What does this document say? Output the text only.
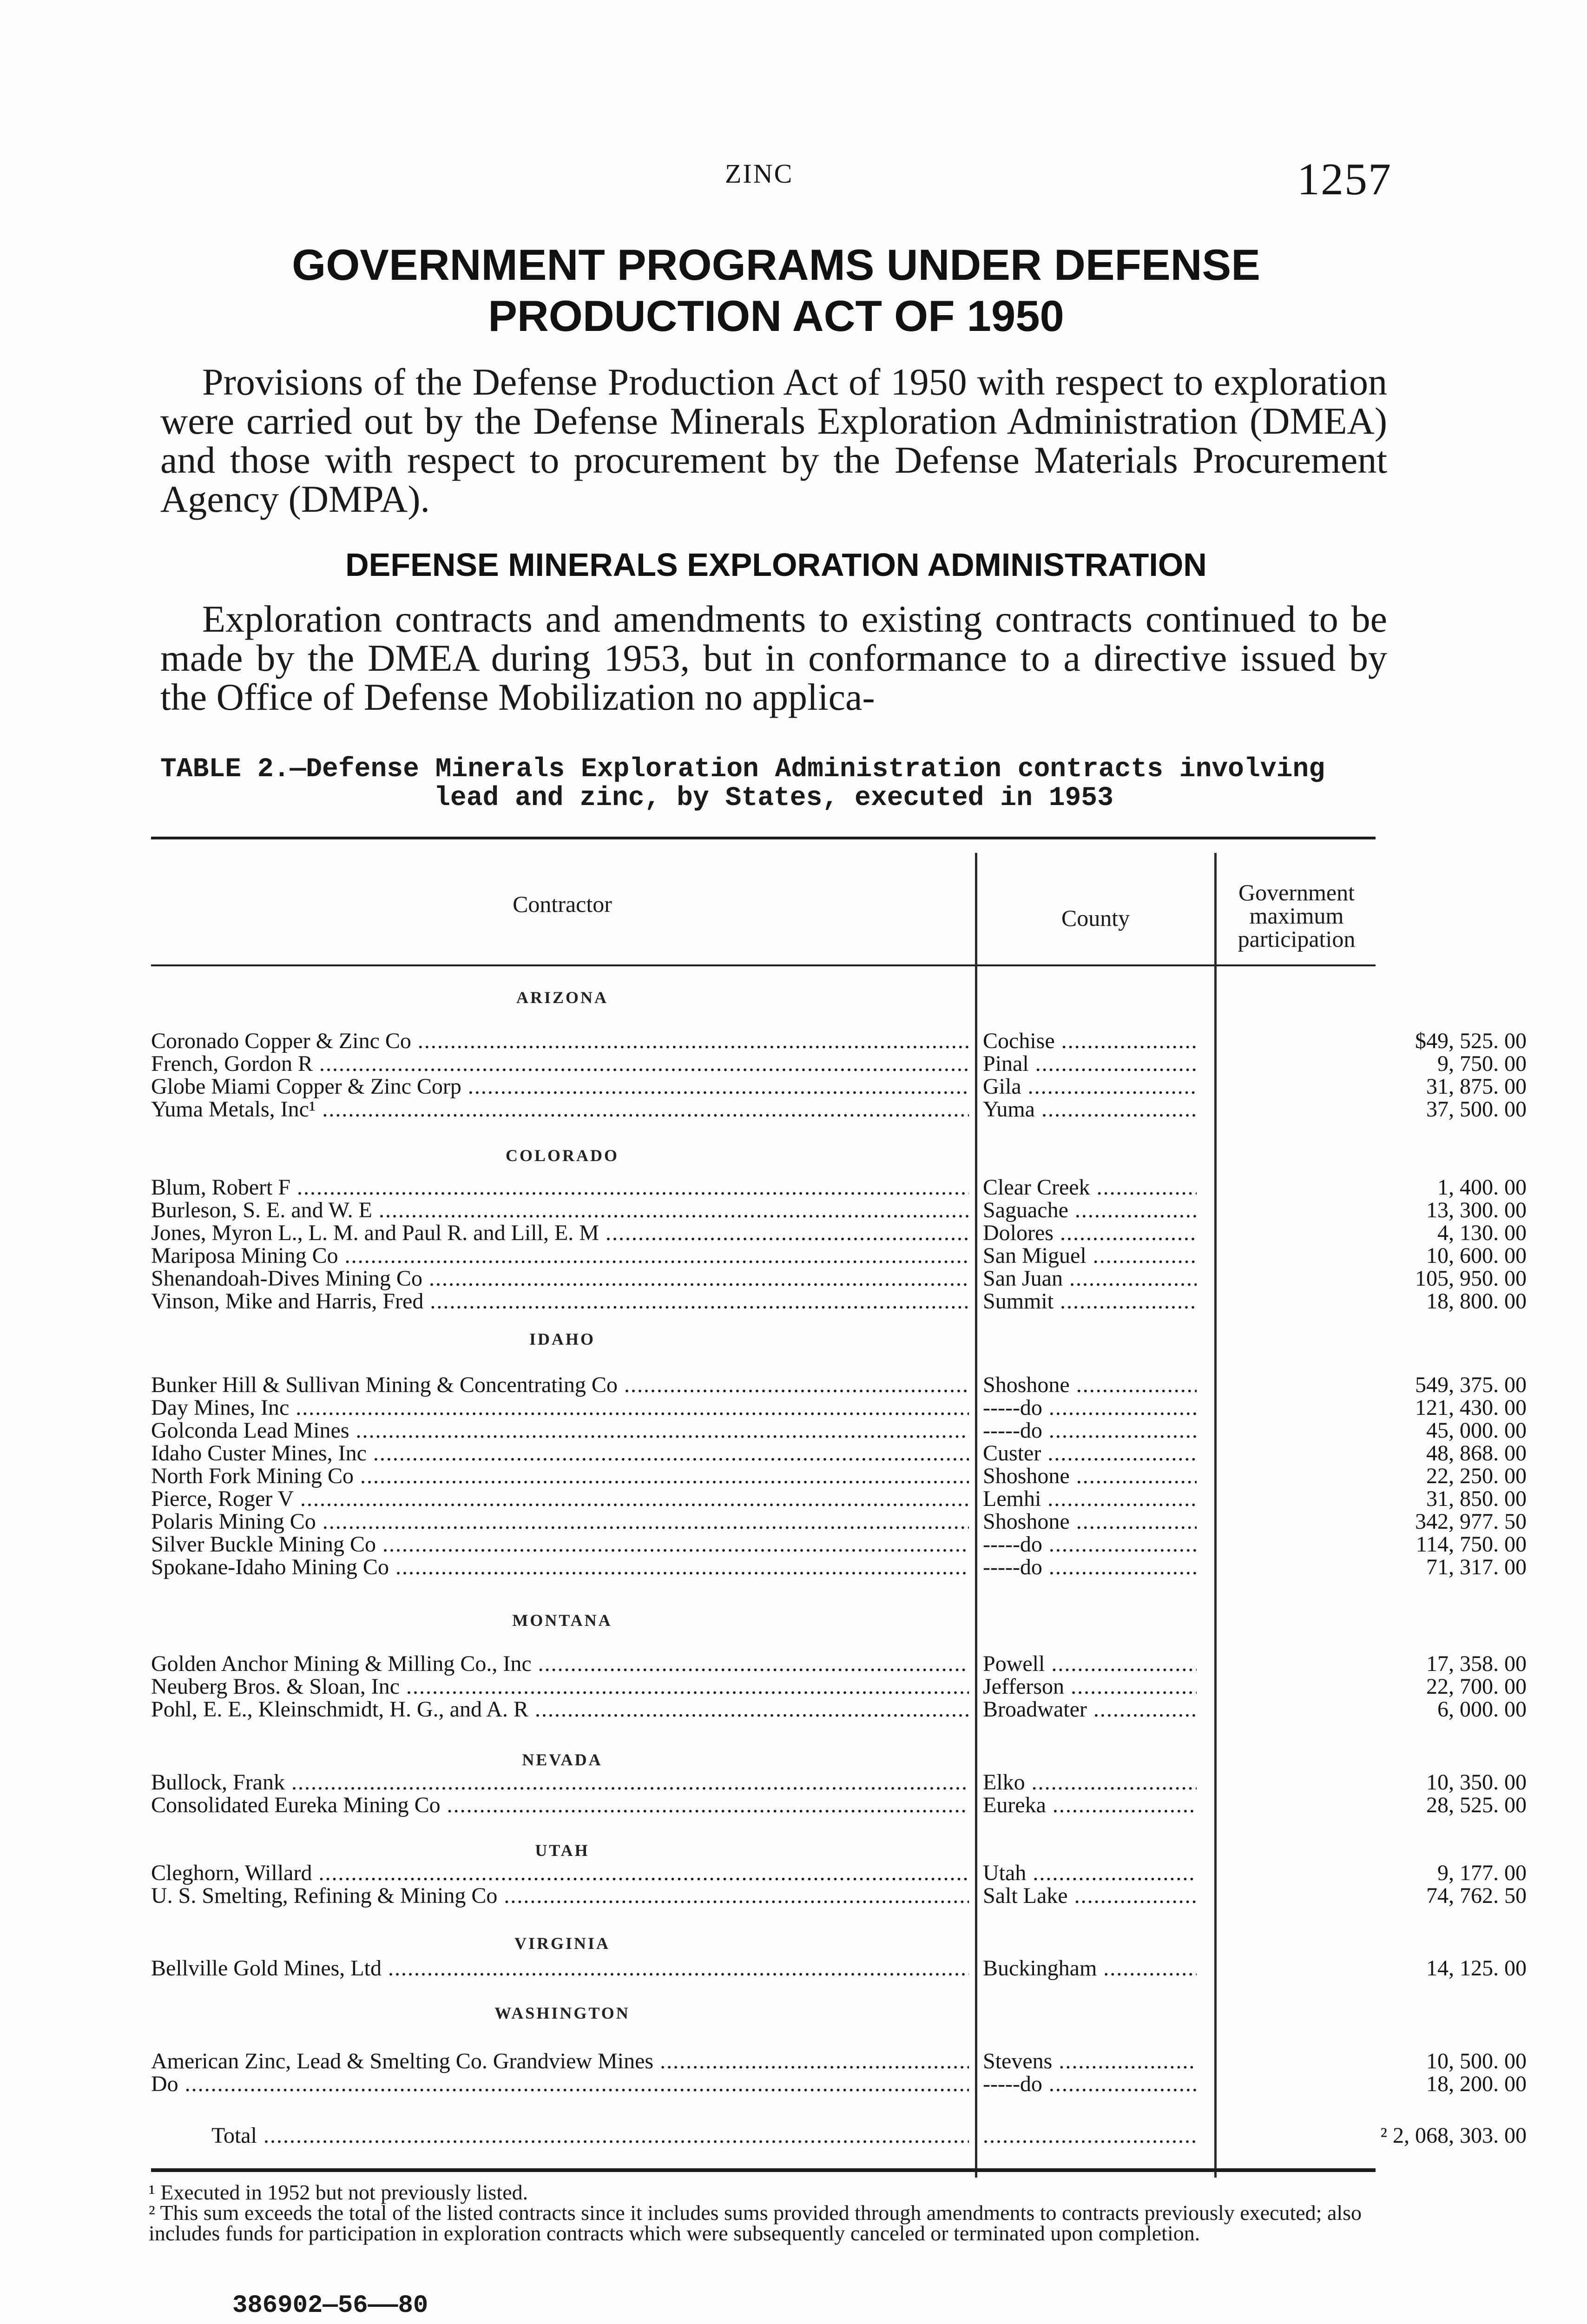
ZINC	1257
GOVERNMENT PROGRAMS UNDER DEFENSE PRODUCTION ACT OF 1950

Provisions of the Defense Production Act of 1950 with respect to exploration were carried out by the Defense Minerals Exploration Administration (DMEA) and those with respect to procurement by the Defense Materials Procurement Agency (DMPA).

DEFENSE MINERALS EXPLORATION ADMINISTRATION

Exploration contracts and amendments to existing contracts continued to be made by the DMEA during 1953, but in conformance to a directive issued by the Office of Defense Mobilization no applica-

TABLE 2.—Defense Minerals Exploration Administration contracts involving
lead and zinc, by States, executed in 1953
Contractor
County
Government maximum participation
ARIZONA
Coronado Copper & Zinc Co .....	Cochise .....	$49, 525. 00
French, Gordon R .....	Pinal .....	9, 750. 00
Globe Miami Copper & Zinc Corp .....	Gila .....	31, 875. 00
Yuma Metals, Inc¹ .....	Yuma .....	37, 500. 00
COLORADO
Blum, Robert F .....	Clear Creek .....	1, 400. 00
Burleson, S. E. and W. E .....	Saguache .....	13, 300. 00
Jones, Myron L., L. M. and Paul R. and Lill, E. M .....	Dolores .....	4, 130. 00
Mariposa Mining Co .....	San Miguel .....	10, 600. 00
Shenandoah-Dives Mining Co .....	San Juan .....	105, 950. 00
Vinson, Mike and Harris, Fred .....	Summit .....	18, 800. 00
IDAHO
Bunker Hill & Sullivan Mining & Concentrating Co .....	Shoshone .....	549, 375. 00
Day Mines, Inc .....	-----do .....	121, 430. 00
Golconda Lead Mines .....	-----do .....	45, 000. 00
Idaho Custer Mines, Inc .....	Custer .....	48, 868. 00
North Fork Mining Co .....	Shoshone .....	22, 250. 00
Pierce, Roger V .....	Lemhi .....	31, 850. 00
Polaris Mining Co .....	Shoshone .....	342, 977. 50
Silver Buckle Mining Co .....	-----do .....	114, 750. 00
Spokane-Idaho Mining Co .....	-----do .....	71, 317. 00
MONTANA
Golden Anchor Mining & Milling Co., Inc .....	Powell .....	17, 358. 00
Neuberg Bros. & Sloan, Inc .....	Jefferson .....	22, 700. 00
Pohl, E. E., Kleinschmidt, H. G., and A. R .....	Broadwater .....	6, 000. 00
NEVADA
Bullock, Frank .....	Elko .....	10, 350. 00
Consolidated Eureka Mining Co .....	Eureka .....	28, 525. 00
UTAH
Cleghorn, Willard .....	Utah .....	9, 177. 00
U. S. Smelting, Refining & Mining Co .....	Salt Lake .....	74, 762. 50
VIRGINIA
Bellville Gold Mines, Ltd .....	Buckingham .....	14, 125. 00
WASHINGTON
American Zinc, Lead & Smelting Co. Grandview Mines .....	Stevens .....	10, 500. 00
Do .....	-----do .....	18, 200. 00
Total .....
.....	² 2, 068, 303. 00

¹ Executed in 1952 but not previously listed.

² This sum exceeds the total of the listed contracts since it includes sums provided through amendments to contracts previously executed; also includes funds for participation in exploration contracts which were subsequently canceled or terminated upon completion.

386902—56——80
